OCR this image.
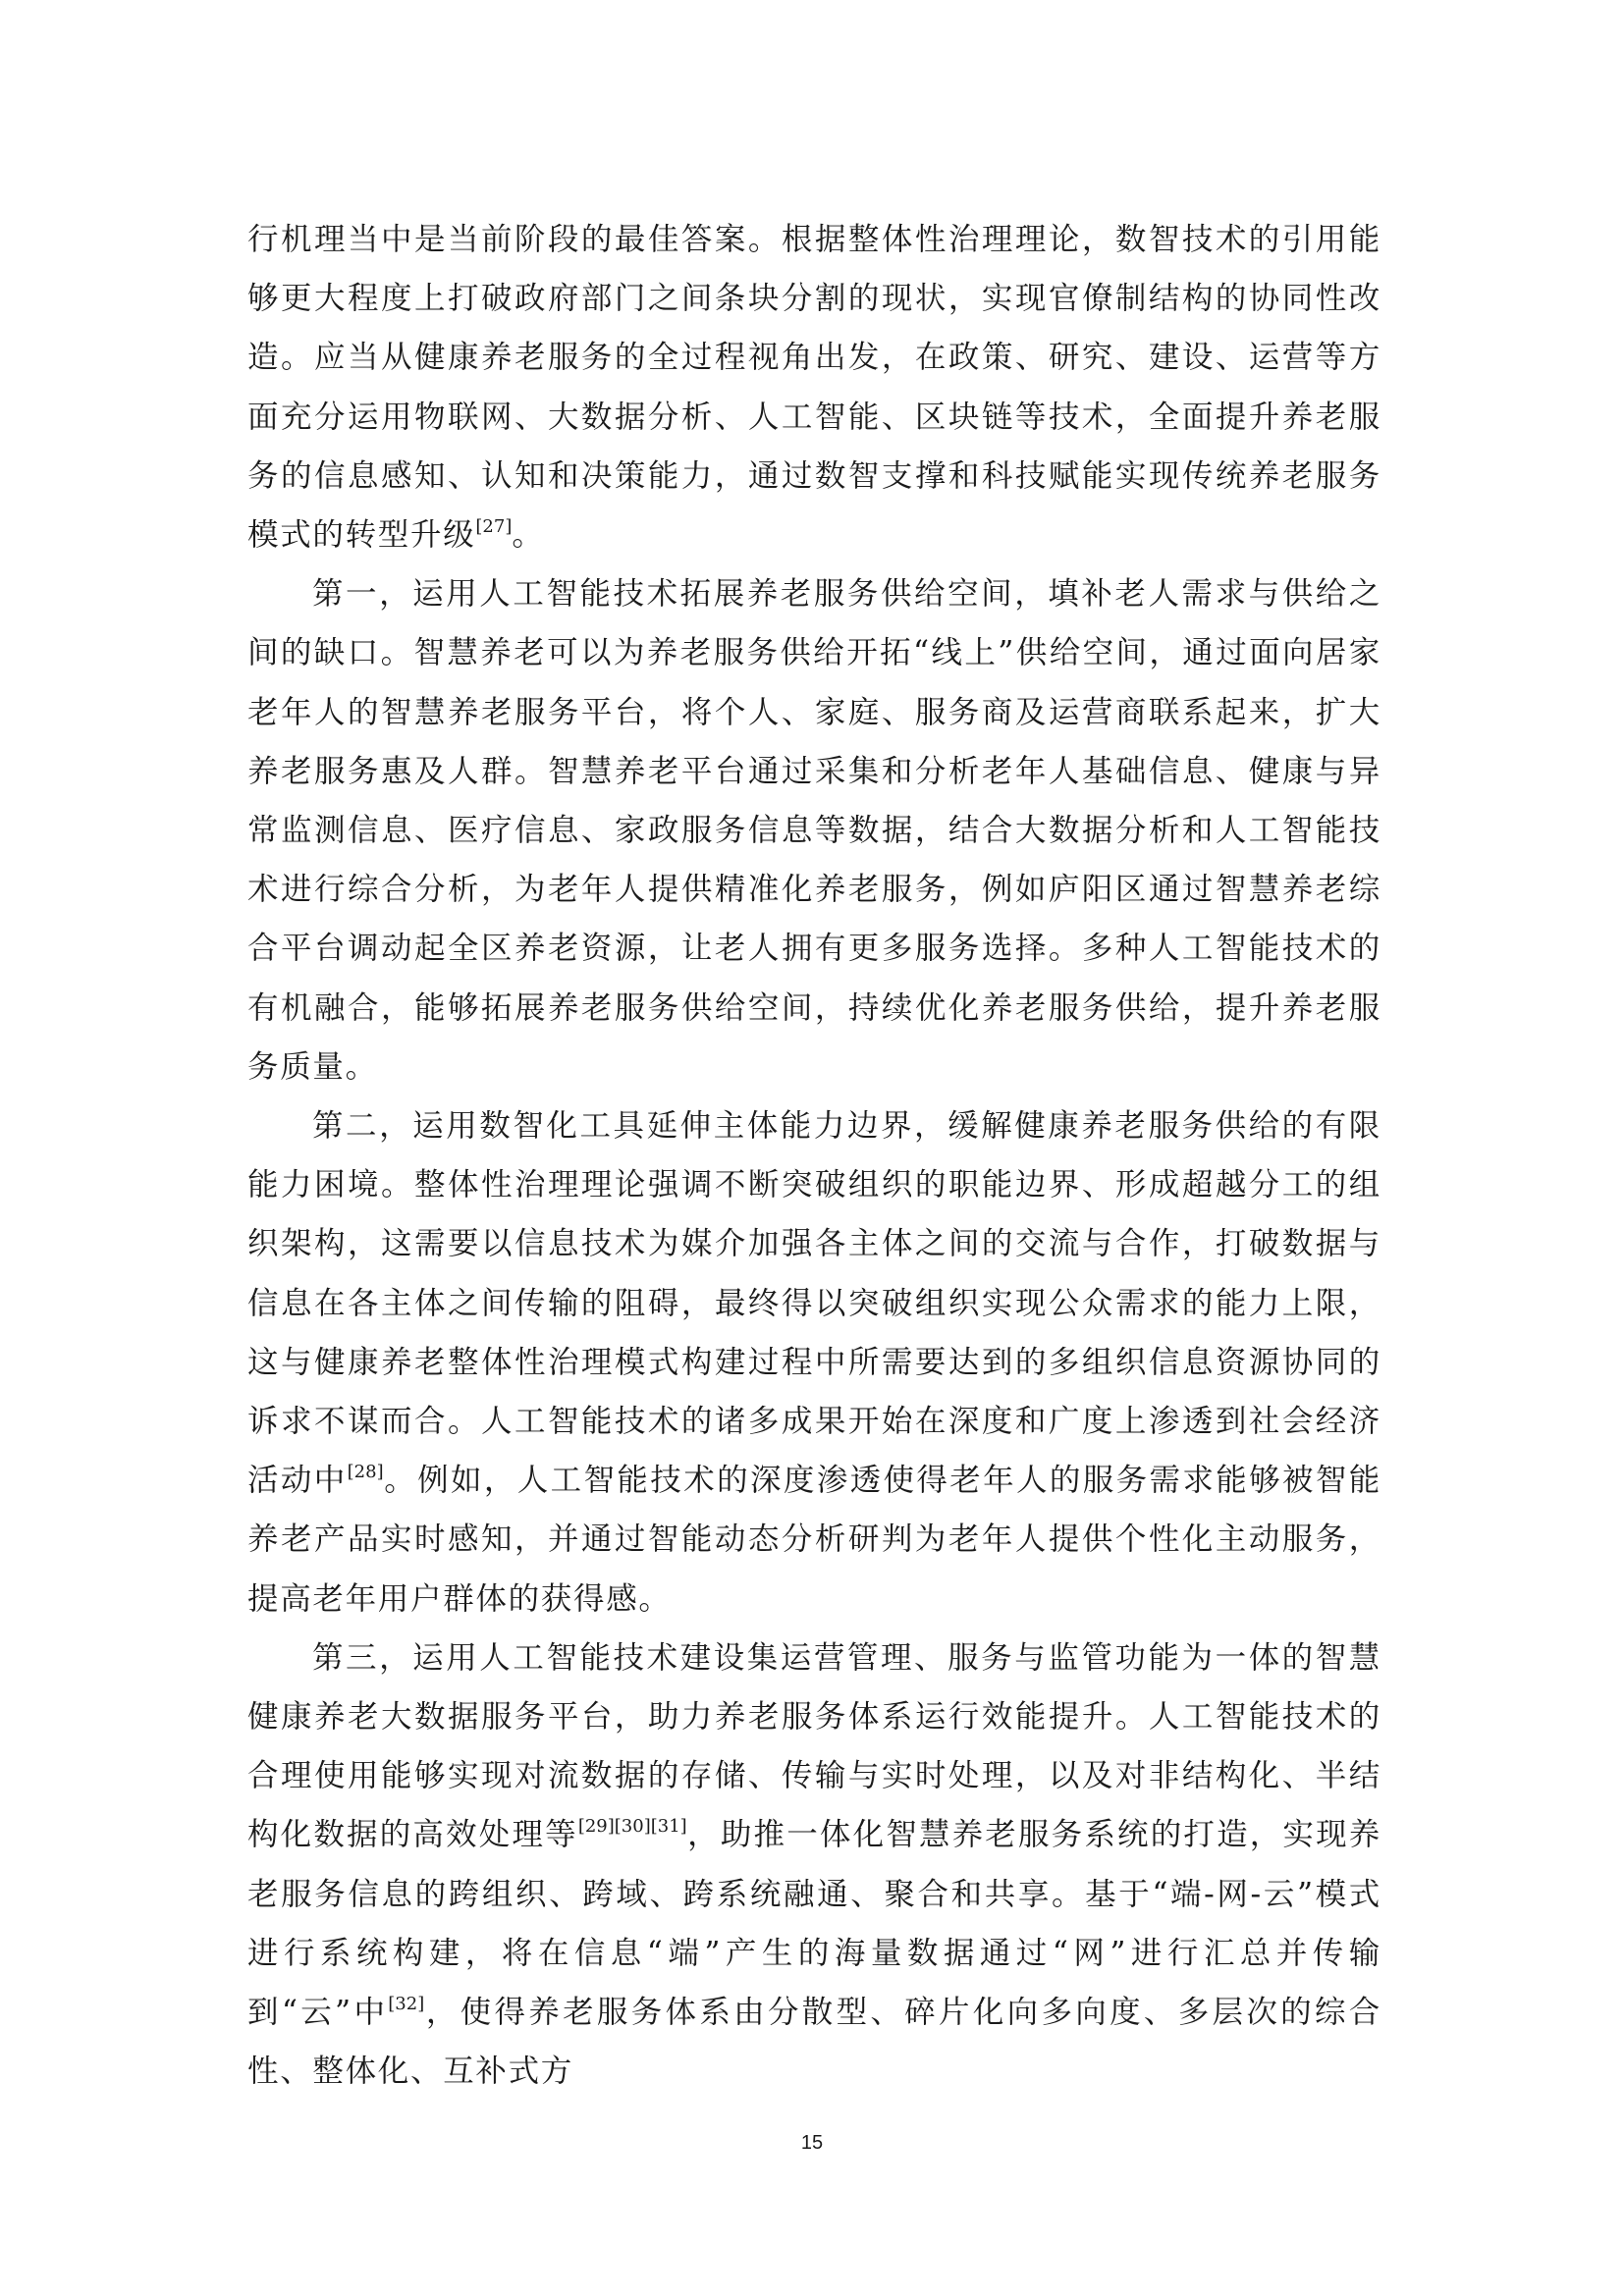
行机理当中是当前阶段的最佳答案。根据整体性治理理论，数智技术的引用能够更大程度上打破政府部门之间条块分割的现状，实现官僚制结构的协同性改造。应当从健康养老服务的全过程视角出发，在政策、研究、建设、运营等方面充分运用物联网、大数据分析、人工智能、区块链等技术，全面提升养老服务的信息感知、认知和决策能力，通过数智支撑和科技赋能实现传统养老服务模式的转型升级[27]。

第一，运用人工智能技术拓展养老服务供给空间，填补老人需求与供给之间的缺口。智慧养老可以为养老服务供给开拓“线上”供给空间，通过面向居家老年人的智慧养老服务平台，将个人、家庭、服务商及运营商联系起来，扩大养老服务惠及人群。智慧养老平台通过采集和分析老年人基础信息、健康与异常监测信息、医疗信息、家政服务信息等数据，结合大数据分析和人工智能技术进行综合分析，为老年人提供精准化养老服务，例如庐阳区通过智慧养老综合平台调动起全区养老资源，让老人拥有更多服务选择。多种人工智能技术的有机融合，能够拓展养老服务供给空间，持续优化养老服务供给，提升养老服务质量。

第二，运用数智化工具延伸主体能力边界，缓解健康养老服务供给的有限能力困境。整体性治理理论强调不断突破组织的职能边界、形成超越分工的组织架构，这需要以信息技术为媒介加强各主体之间的交流与合作，打破数据与信息在各主体之间传输的阻碍，最终得以突破组织实现公众需求的能力上限，这与健康养老整体性治理模式构建过程中所需要达到的多组织信息资源协同的诉求不谋而合。人工智能技术的诸多成果开始在深度和广度上渗透到社会经济活动中[28]。例如，人工智能技术的深度渗透使得老年人的服务需求能够被智能养老产品实时感知，并通过智能动态分析研判为老年人提供个性化主动服务，提高老年用户群体的获得感。

第三，运用人工智能技术建设集运营管理、服务与监管功能为一体的智慧健康养老大数据服务平台，助力养老服务体系运行效能提升。人工智能技术的合理使用能够实现对流数据的存储、传输与实时处理，以及对非结构化、半结构化数据的高效处理等[29][30][31]，助推一体化智慧养老服务系统的打造，实现养老服务信息的跨组织、跨域、跨系统融通、聚合和共享。基于“端-网-云”模式进行系统构建，将在信息“端”产生的海量数据通过“网”进行汇总并传输到“云”中[32]，使得养老服务体系由分散型、碎片化向多向度、多层次的综合性、整体化、互补式方

15
